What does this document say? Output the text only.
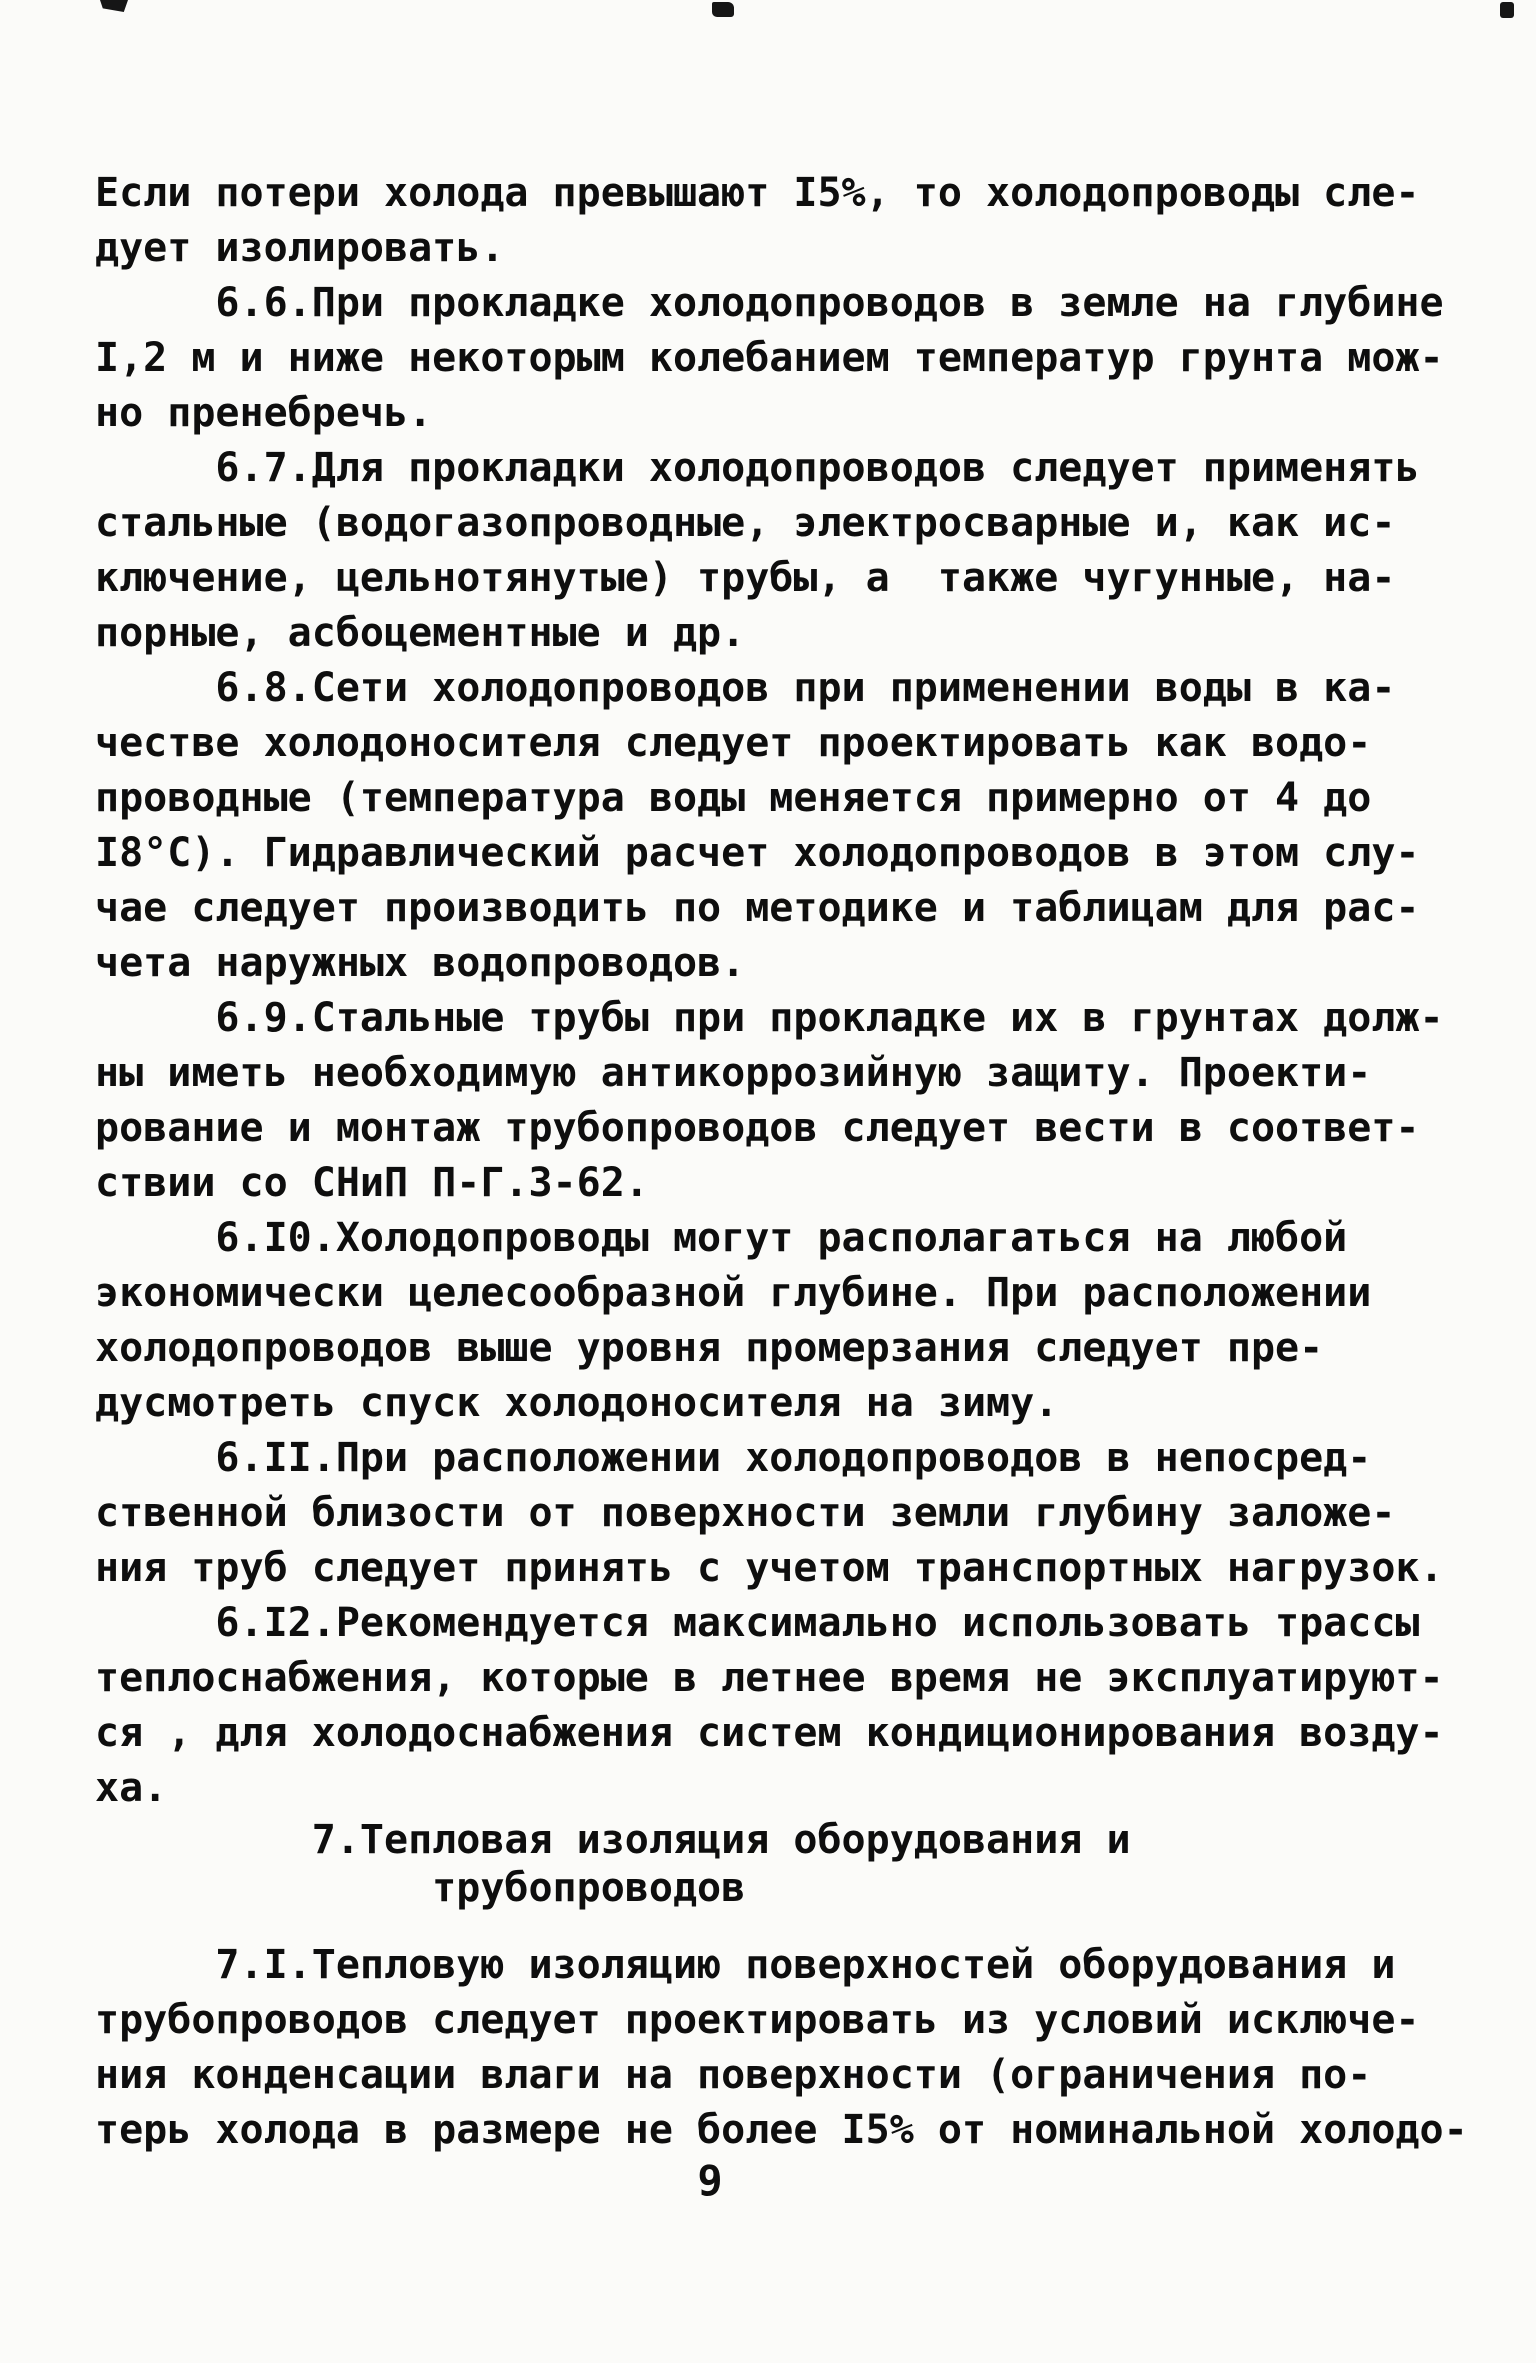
Если потери холода превышают I5%, то холодопроводы сле-
дует изолировать.
6.6.При прокладке холодопроводов в земле на глубине
I,2 м и ниже некоторым колебанием температур грунта мож-
но пренебречь.
6.7.Для прокладки холодопроводов следует применять
стальные (водогазопроводные, электросварные и, как ис-
ключение, цельнотянутые) трубы, а  также чугунные, на-
порные, асбоцементные и др.
6.8.Сети холодопроводов при применении воды в ка-
честве холодоносителя следует проектировать как водо-
проводные (температура воды меняется примерно от 4 до
I8°С). Гидравлический расчет холодопроводов в этом слу-
чае следует производить по методике и таблицам для рас-
чета наружных водопроводов.
6.9.Стальные трубы при прокладке их в грунтах долж-
ны иметь необходимую антикоррозийную защиту. Проекти-
рование и монтаж трубопроводов следует вести в соответ-
ствии со СНиП П-Г.3-62.
6.I0.Холодопроводы могут располагаться на любой
экономически целесообразной глубине. При расположении
холодопроводов выше уровня промерзания следует пре-
дусмотреть спуск холодоносителя на зиму.
6.II.При расположении холодопроводов в непосред-
ственной близости от поверхности земли глубину заложе-
ния труб следует принять с учетом транспортных нагрузок.
6.I2.Рекомендуется максимально использовать трассы
теплоснабжения, которые в летнее время не эксплуатируют-
ся , для холодоснабжения систем кондиционирования возду-
ха.
7.Тепловая изоляция оборудования и
трубопроводов
7.I.Тепловую изоляцию поверхностей оборудования и
трубопроводов следует проектировать из условий исключе-
ния конденсации влаги на поверхности (ограничения по-
терь холода в размере не более I5% от номинальной холодо-
9
